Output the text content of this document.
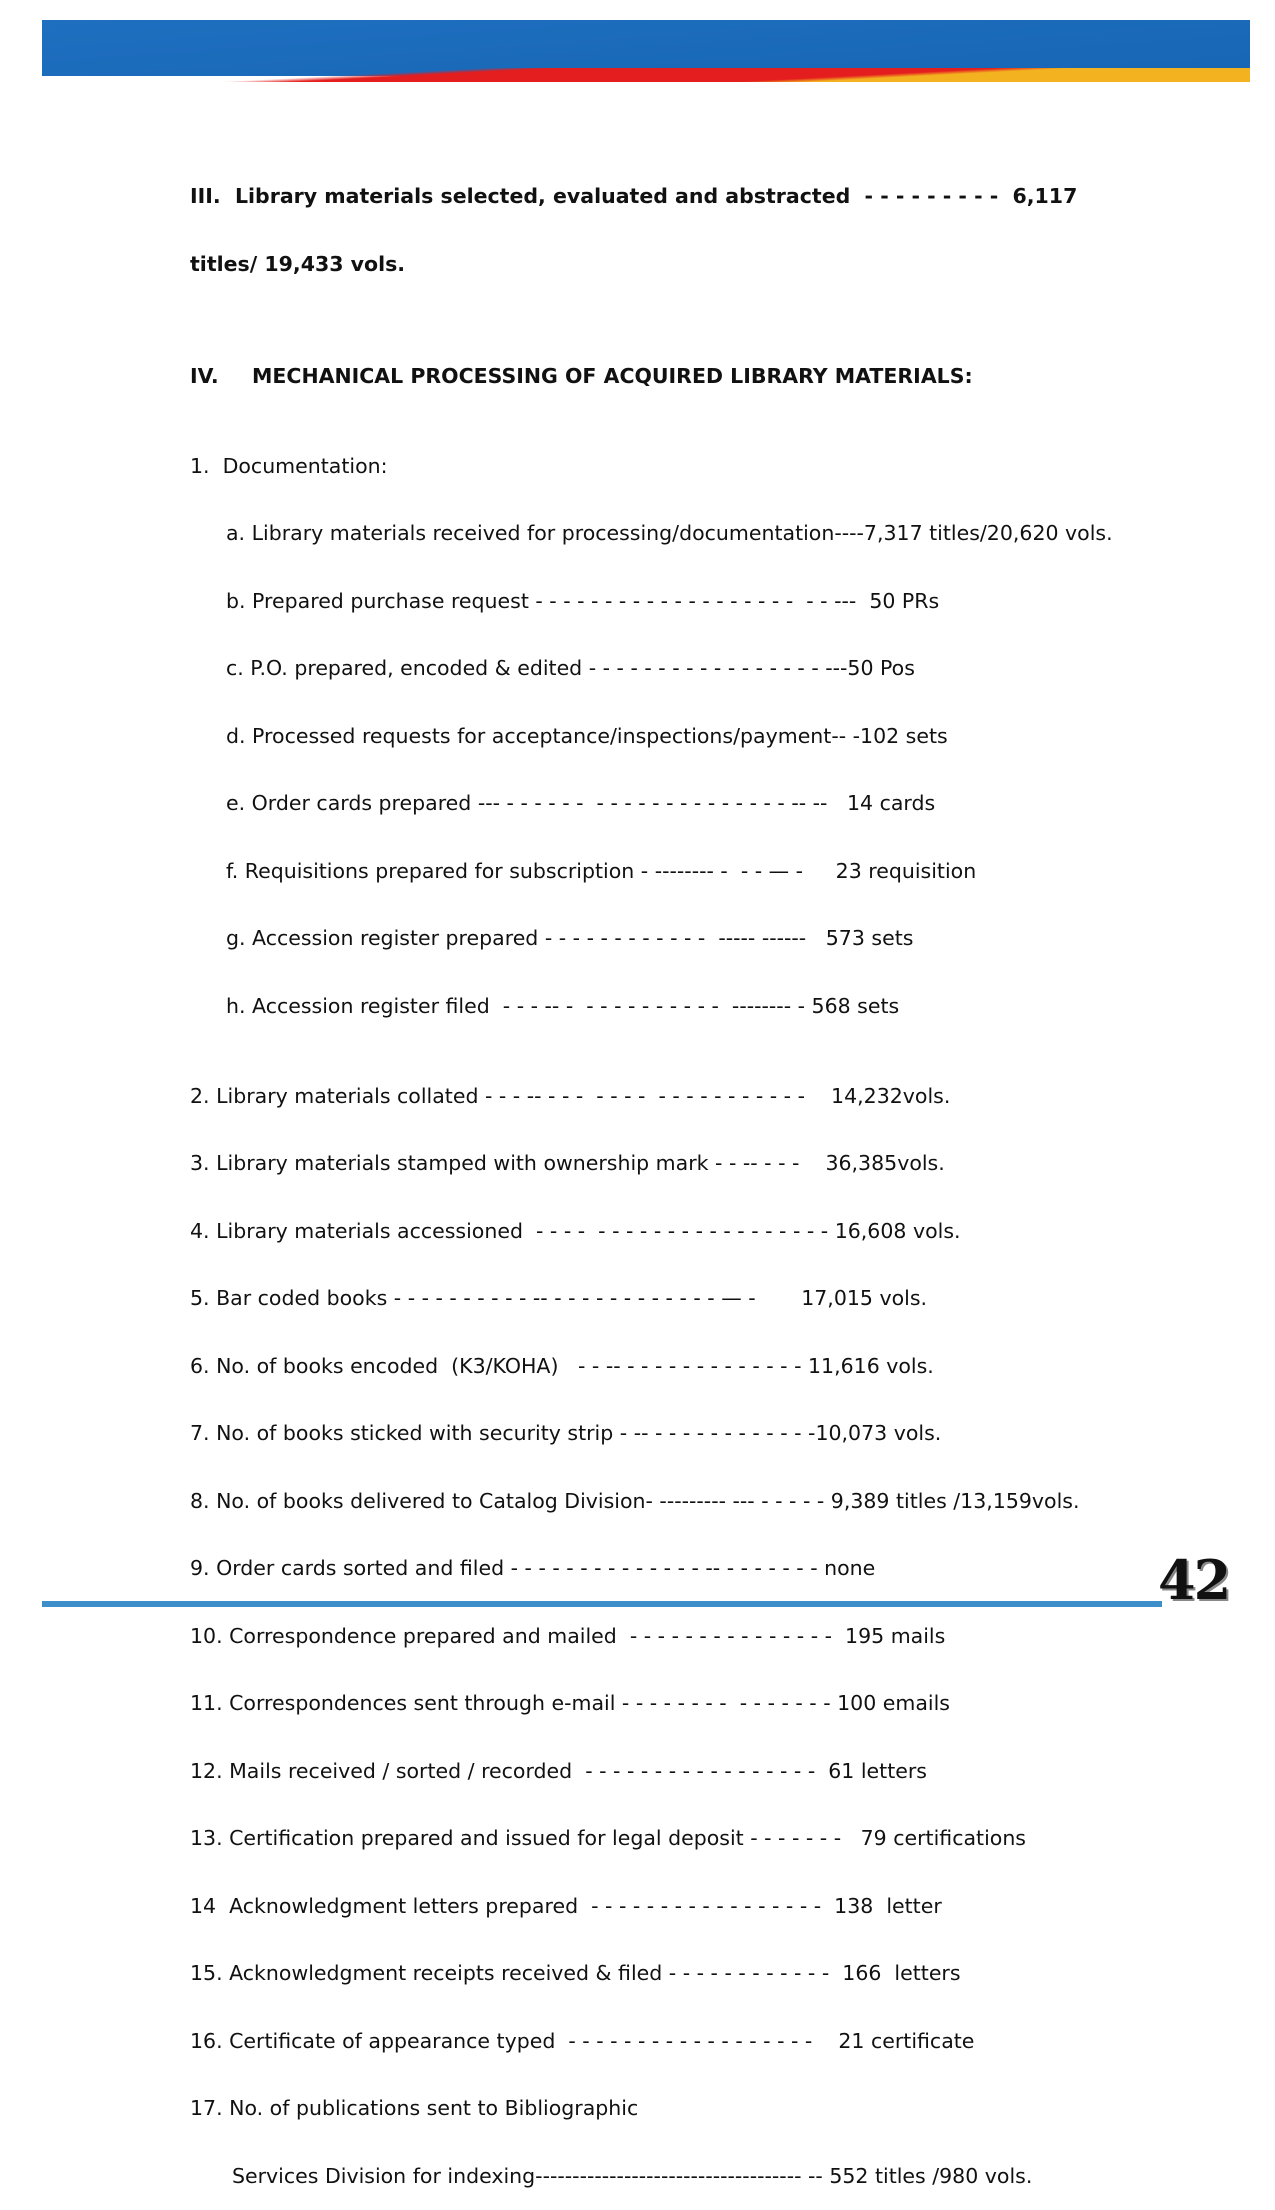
III.  Library materials selected, evaluated and abstracted  - - - - - - - - -  6,117

titles/ 19,433 vols.

IV. MECHANICAL PROCESSING OF ACQUIRED LIBRARY MATERIALS:

1.  Documentation:

a. Library materials received for processing/documentation----7,317 titles/20,620 vols.

b. Prepared purchase request - - - - - - - - - - - - - - - - - - -  - - ---  50 PRs

c. P.O. prepared, encoded & edited - - - - - - - - - - - - - - - - - ---50 Pos

d. Processed requests for acceptance/inspections/payment-- -102 sets

e. Order cards prepared --- - - - - - -  - - - - - - - - - - - - - - -- --   14 cards

f. Requisitions prepared for subscription - -------- -  - - — -     23 requisition

g. Accession register prepared - - - - - - - - - - - -  ----- ------   573 sets

h. Accession register filed  - - - -- -  - - - - - - - - - -  -------- - 568 sets

2. Library materials collated - - - -- - - -  - - - -  - - - - - - - - - - -    14,232vols.

3. Library materials stamped with ownership mark - - -- - - -    36,385vols.

4. Library materials accessioned  - - - -  - - - - - - - - - - - - - - - - - 16,608 vols.

5. Bar coded books - - - - - - - - - - -- - - - - - - - - - - - - — -       17,015 vols.

6. No. of books encoded  (K3/KOHA)   - - -- - - - - - - - - - - - - - 11,616 vols.

7. No. of books sticked with security strip - -- - - - - - - - - - - - -10,073 vols.

8. No. of books delivered to Catalog Division- --------- --- - - - - - 9,389 titles /13,159vols.

9. Order cards sorted and filed - - - - - - - - - - - - - - -- - - - - - - - none

10. Correspondence prepared and mailed  - - - - - - - - - - - - - - -  195 mails

11. Correspondences sent through e-mail - - - - - - - -  - - - - - - - 100 emails

12. Mails received / sorted / recorded  - - - - - - - - - - - - - - - - -  61 letters

13. Certification prepared and issued for legal deposit - - - - - - -   79 certifications

14  Acknowledgment letters prepared  - - - - - - - - - - - - - - - - -  138  letter

15. Acknowledgment receipts received & filed - - - - - - - - - - - -  166  letters

16. Certificate of appearance typed  - - - - - - - - - - - - - - - - - -    21 certificate

17. No. of publications sent to Bibliographic

Services Division for indexing------------------------------------ -- 552 titles /980 vols.

42
